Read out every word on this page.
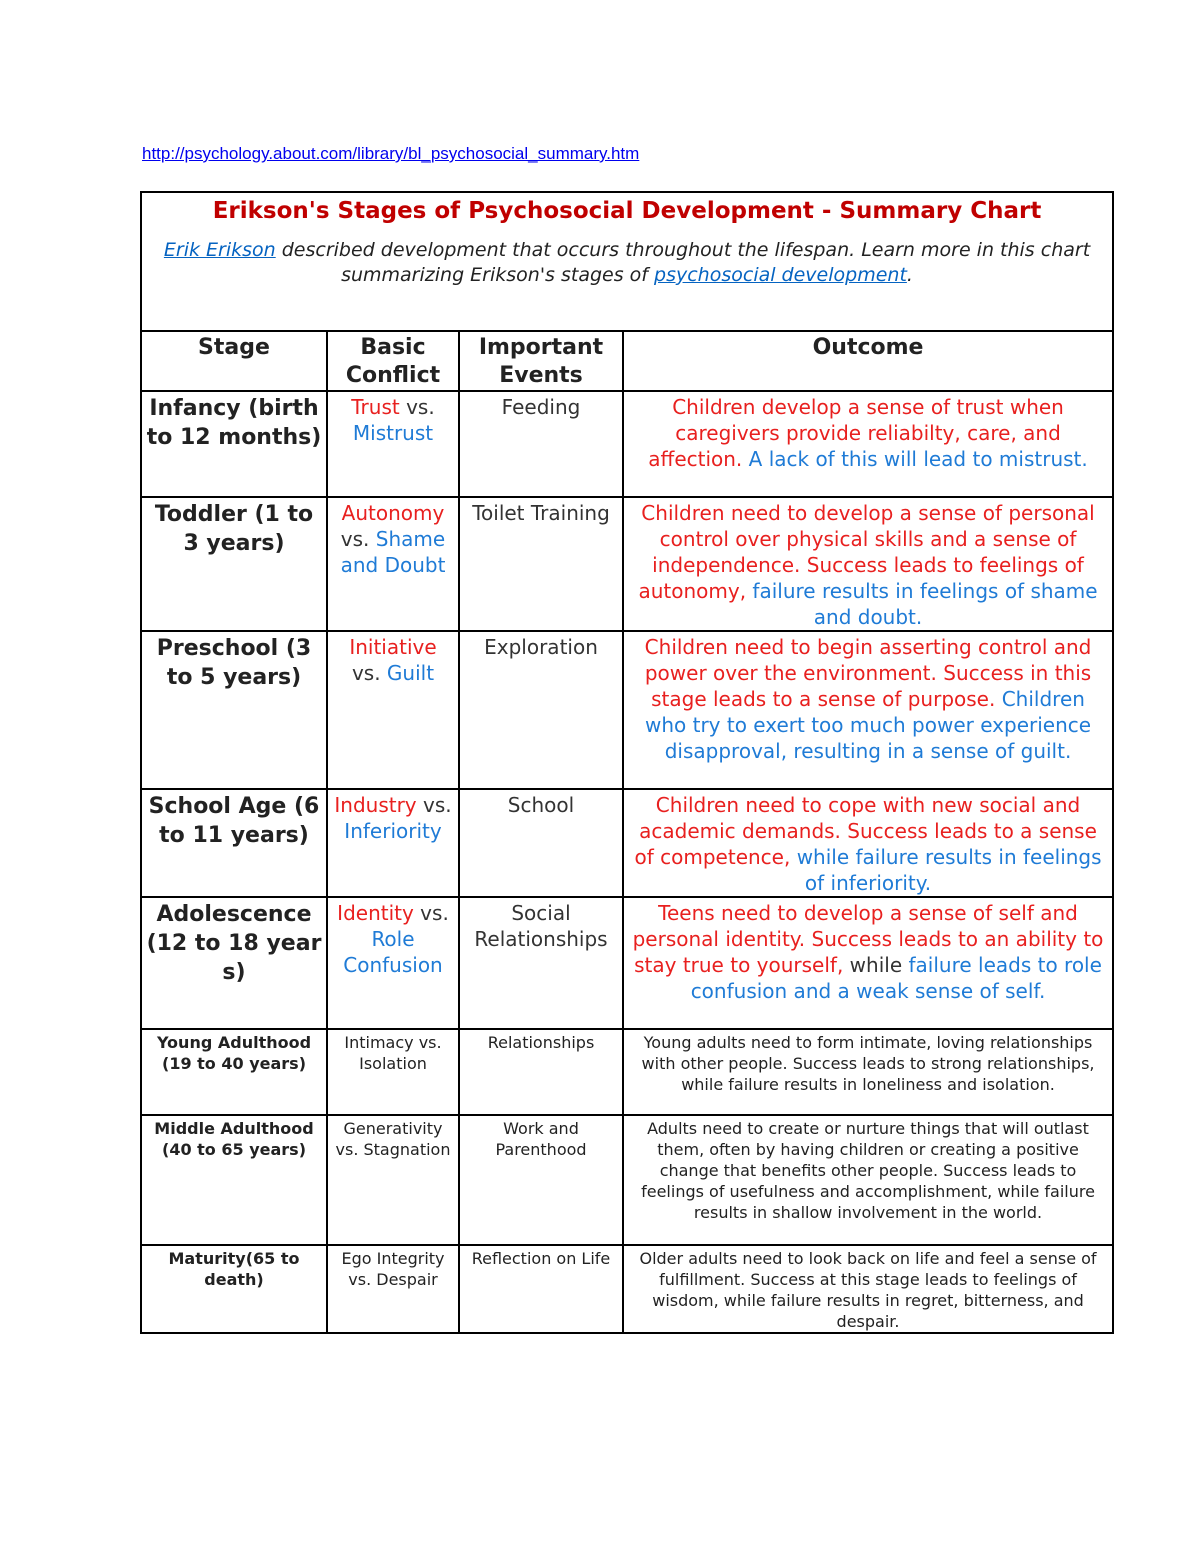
http://psychology.about.com/library/bl_psychosocial_summary.htm
Erikson's Stages of Psychosocial Development - Summary Chart
Erik Erikson described development that occurs throughout the lifespan. Learn more in this chart summarizing Erikson's stages of psychosocial development.			

Stage	Basic Conflict	Important Events	Outcome
Infancy (birth to 12 months)	Trust vs. Mistrust	Feeding	Children develop a sense of trust when caregivers provide reliabilty, care, and affection. A lack of this will lead to mistrust.
Toddler (1 to 3 years)	Autonomy vs. Shame and Doubt	Toilet Training	Children need to develop a sense of personal control over physical skills and a sense of independence. Success leads to feelings of autonomy, failure results in feelings of shame and doubt.
Preschool (3 to 5 years)	Initiative vs. Guilt	Exploration	Children need to begin asserting control and power over the environment. Success in this stage leads to a sense of purpose. Children who try to exert too much power experience disapproval, resulting in a sense of guilt.
School Age (6 to 11 years)	Industry vs. Inferiority	School	Children need to cope with new social and academic demands. Success leads to a sense of competence, while failure results in feelings of inferiority.
Adolescence (12 to 18 years)	Identity vs. Role Confusion	Social Relationships	Teens need to develop a sense of self and personal identity. Success leads to an ability to stay true to yourself, while failure leads to role confusion and a weak sense of self.
Young Adulthood (19 to 40 years)	Intimacy vs. Isolation	Relationships	Young adults need to form intimate, loving relationships with other people. Success leads to strong relationships, while failure results in loneliness and isolation.
Middle Adulthood (40 to 65 years)	Generativity vs. Stagnation	Work and Parenthood	Adults need to create or nurture things that will outlast them, often by having children or creating a positive change that benefits other people. Success leads to feelings of usefulness and accomplishment, while failure results in shallow involvement in the world.
Maturity(65 to death)	Ego Integrity vs. Despair	Reflection on Life	Older adults need to look back on life and feel a sense of fulfillment. Success at this stage leads to feelings of wisdom, while failure results in regret, bitterness, and despair.
